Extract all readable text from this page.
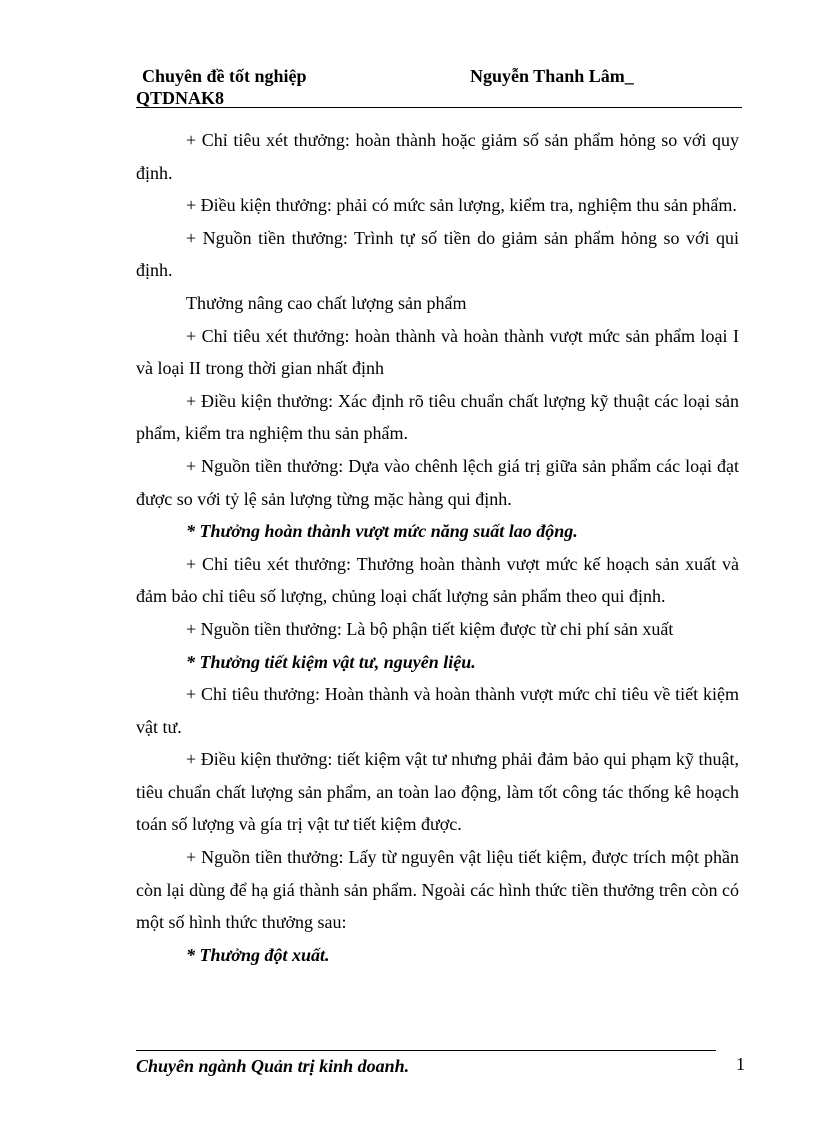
Chuyên đề tốt nghiệp	Nguyễn Thanh Lâm_
QTDNAK8

+ Chỉ tiêu xét thưởng: hoàn thành hoặc giảm số sản phẩm hỏng so với quy định.

+ Điều kiện thưởng: phải có mức sản lượng, kiểm tra, nghiệm thu sản phẩm.

+ Nguồn tiền thưởng: Trình tự số tiền do giảm sản phẩm hỏng so với qui định.

Thưởng nâng cao chất lượng sản phẩm

+ Chỉ tiêu xét thưởng: hoàn thành và hoàn thành vượt mức sản phẩm loại I và loại II trong thời gian nhất định

+ Điều kiện thưởng: Xác định rõ tiêu chuẩn chất lượng kỹ thuật các loại sản phẩm, kiểm tra nghiệm thu sản phẩm.

+ Nguồn tiền thưởng: Dựa vào chênh lệch giá trị giữa sản phẩm các loại đạt được so với tỷ lệ sản lượng từng mặc hàng qui định.

* Thưởng hoàn thành vượt mức năng suất lao động.

+ Chỉ tiêu xét thưởng: Thưởng hoàn thành vượt mức kế hoạch sản xuất và đảm bảo chỉ tiêu số lượng, chủng loại chất lượng sản phẩm theo qui định.

+ Nguồn tiền thưởng: Là bộ phận tiết kiệm được từ chi phí sản xuất

* Thưởng tiết kiệm vật tư, nguyên liệu.

+ Chỉ tiêu thưởng: Hoàn thành và hoàn thành vượt mức chỉ tiêu về tiết kiệm vật tư.

+ Điều kiện thưởng: tiết kiệm vật tư nhưng phải đảm bảo qui phạm kỹ thuật, tiêu chuẩn chất lượng sản phẩm, an toàn lao động, làm tốt công tác thống kê hoạch toán số lượng và gía trị vật tư tiết kiệm được.

+ Nguồn tiền thưởng: Lấy từ nguyên vật liệu tiết kiệm, được trích một phần còn lại dùng để hạ giá thành sản phẩm. Ngoài các hình thức tiền thưởng trên còn có một số hình thức thưởng sau:

* Thưởng đột xuất.

Chuyên ngành Quản trị kinh doanh.	1
